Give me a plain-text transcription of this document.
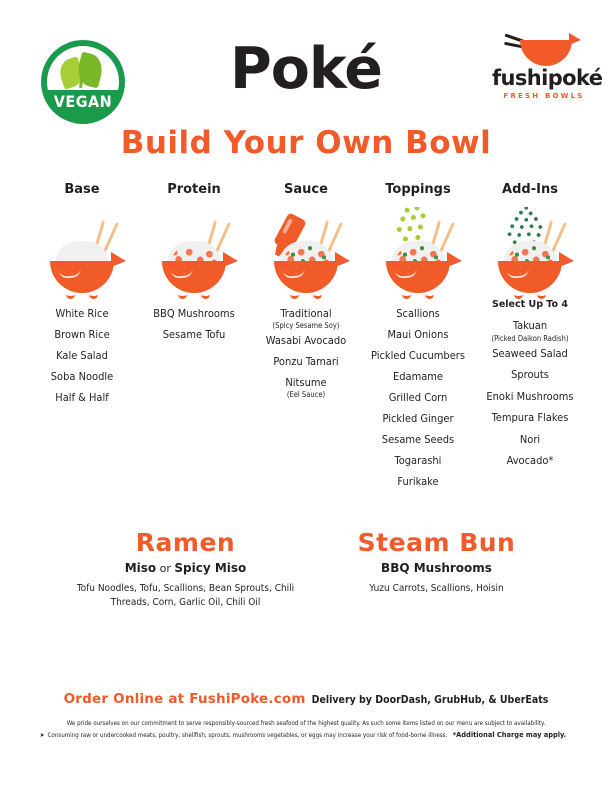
VEGAN	Poké
Build Your Own Bowl
fushipoké
FRESH BOWLS
Base
White Rice
Brown Rice
Kale Salad
Soba Noodle
Half & Half
Protein
BBQ Mushrooms
Sesame Tofu
Sauce
Traditional
(Spicy Sesame Soy)
Wasabi Avocado
Ponzu Tamari
Nitsume
(Eel Sauce)
Toppings
Scallions
Maui Onions
Pickled Cucumbers
Edamame
Grilled Corn
Pickled Ginger
Sesame Seeds
Togarashi
Furikake
Add-Ins
Select Up To 4
Takuan
(Picked Daikon Radish)
Seaweed Salad
Sprouts
Enoki Mushrooms
Tempura Flakes
Nori
Avocado*
Ramen
Miso or Spicy Miso
Tofu Noodles, Tofu, Scallions, Bean Sprouts, Chili Threads, Corn, Garlic Oil, Chili Oil
Steam Bun
BBQ Mushrooms
Yuzu Carrots, Scallions, Hoisin
Order Online at FushiPoke.com Delivery by DoorDash, GrubHub, & UberEats
We pride ourselves on our commitment to serve responsibly-sourced fresh seafood of the highest quality. As such some items listed on our menu are subject to availability.
➤ Consuming raw or undercooked meats, poultry, shellfish, sprouts, mushrooms vegetables, or eggs may increase your risk of food-borne illness. *Additional Charge may apply.
